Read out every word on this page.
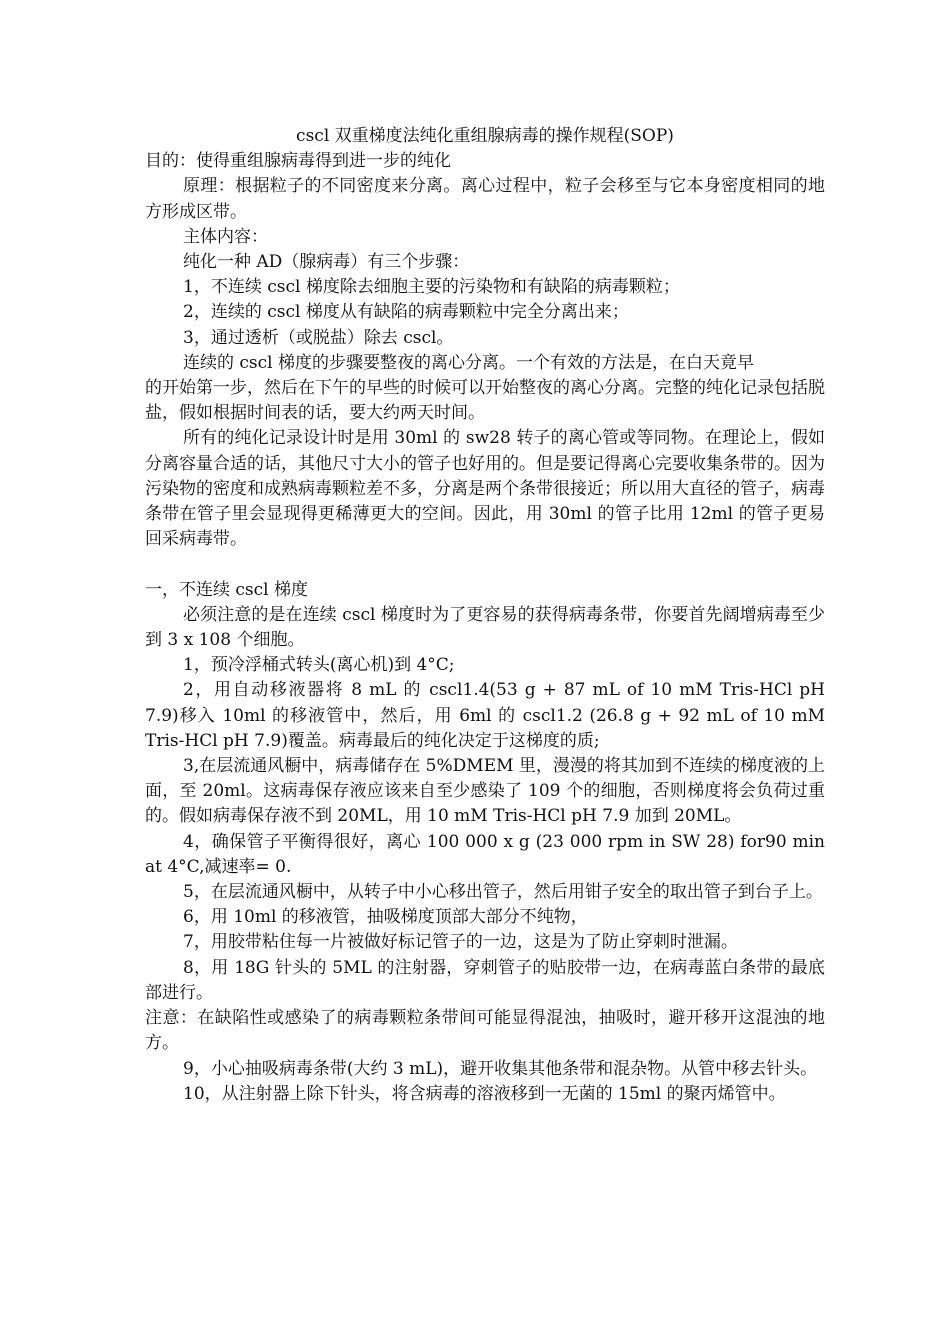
cscl 双重梯度法纯化重组腺病毒的操作规程(SOP)

目的：使得重组腺病毒得到进一步的纯化

原理：根据粒子的不同密度来分离。离心过程中，粒子会移至与它本身密度相同的地方形成区带。

主体内容：

纯化一种 AD（腺病毒）有三个步骤：

1，不连续 cscl 梯度除去细胞主要的污染物和有缺陷的病毒颗粒；

2，连续的 cscl 梯度从有缺陷的病毒颗粒中完全分离出来；

3，通过透析（或脱盐）除去 cscl。

连续的 cscl 梯度的步骤要整夜的离心分离。一个有效的方法是，在白天竟早

的开始第一步，然后在下午的早些的时候可以开始整夜的离心分离。完整的纯化记录包括脱盐，假如根据时间表的话，要大约两天时间。

所有的纯化记录设计时是用 30ml 的 sw28 转子的离心管或等同物。在理论上，假如分离容量合适的话，其他尺寸大小的管子也好用的。但是要记得离心完要收集条带的。因为污染物的密度和成熟病毒颗粒差不多，分离是两个条带很接近；所以用大直径的管子，病毒条带在管子里会显现得更稀薄更大的空间。因此，用 30ml 的管子比用 12ml 的管子更易回采病毒带。

一，不连续 cscl 梯度

必须注意的是在连续 cscl 梯度时为了更容易的获得病毒条带，你要首先阔增病毒至少到 3 x 108 个细胞。

1，预冷浮桶式转头(离心机)到 4°C;

2，用自动移液器将 8 mL 的 cscl1.4(53 g + 87 mL of 10 mM Tris-HCl pH 7.9)移入 10ml 的移液管中，然后，用 6ml 的 cscl1.2 (26.8 g + 92 mL of 10 mM Tris-HCl pH 7.9)覆盖。病毒最后的纯化决定于这梯度的质;

3,在层流通风橱中，病毒储存在 5%DMEM 里，漫漫的将其加到不连续的梯度液的上面，至 20ml。这病毒保存液应该来自至少感染了 109 个的细胞，否则梯度将会负荷过重的。假如病毒保存液不到 20ML，用 10 mM Tris-HCl pH 7.9 加到 20ML。

4，确保管子平衡得很好，离心 100 000 x g (23 000 rpm in SW 28) for90 min at 4°C,减速率= 0.

5，在层流通风橱中，从转子中小心移出管子，然后用钳子安全的取出管子到台子上。

6，用 10ml 的移液管，抽吸梯度顶部大部分不纯物，

7，用胶带粘住每一片被做好标记管子的一边，这是为了防止穿刺时泄漏。

8，用 18G 针头的 5ML 的注射器，穿刺管子的贴胶带一边，在病毒蓝白条带的最底部进行。

注意：在缺陷性或感染了的病毒颗粒条带间可能显得混浊，抽吸时，避开移开这混浊的地方。

9，小心抽吸病毒条带(大约 3 mL)，避开收集其他条带和混杂物。从管中移去针头。

10，从注射器上除下针头，将含病毒的溶液移到一无菌的 15ml 的聚丙烯管中。
